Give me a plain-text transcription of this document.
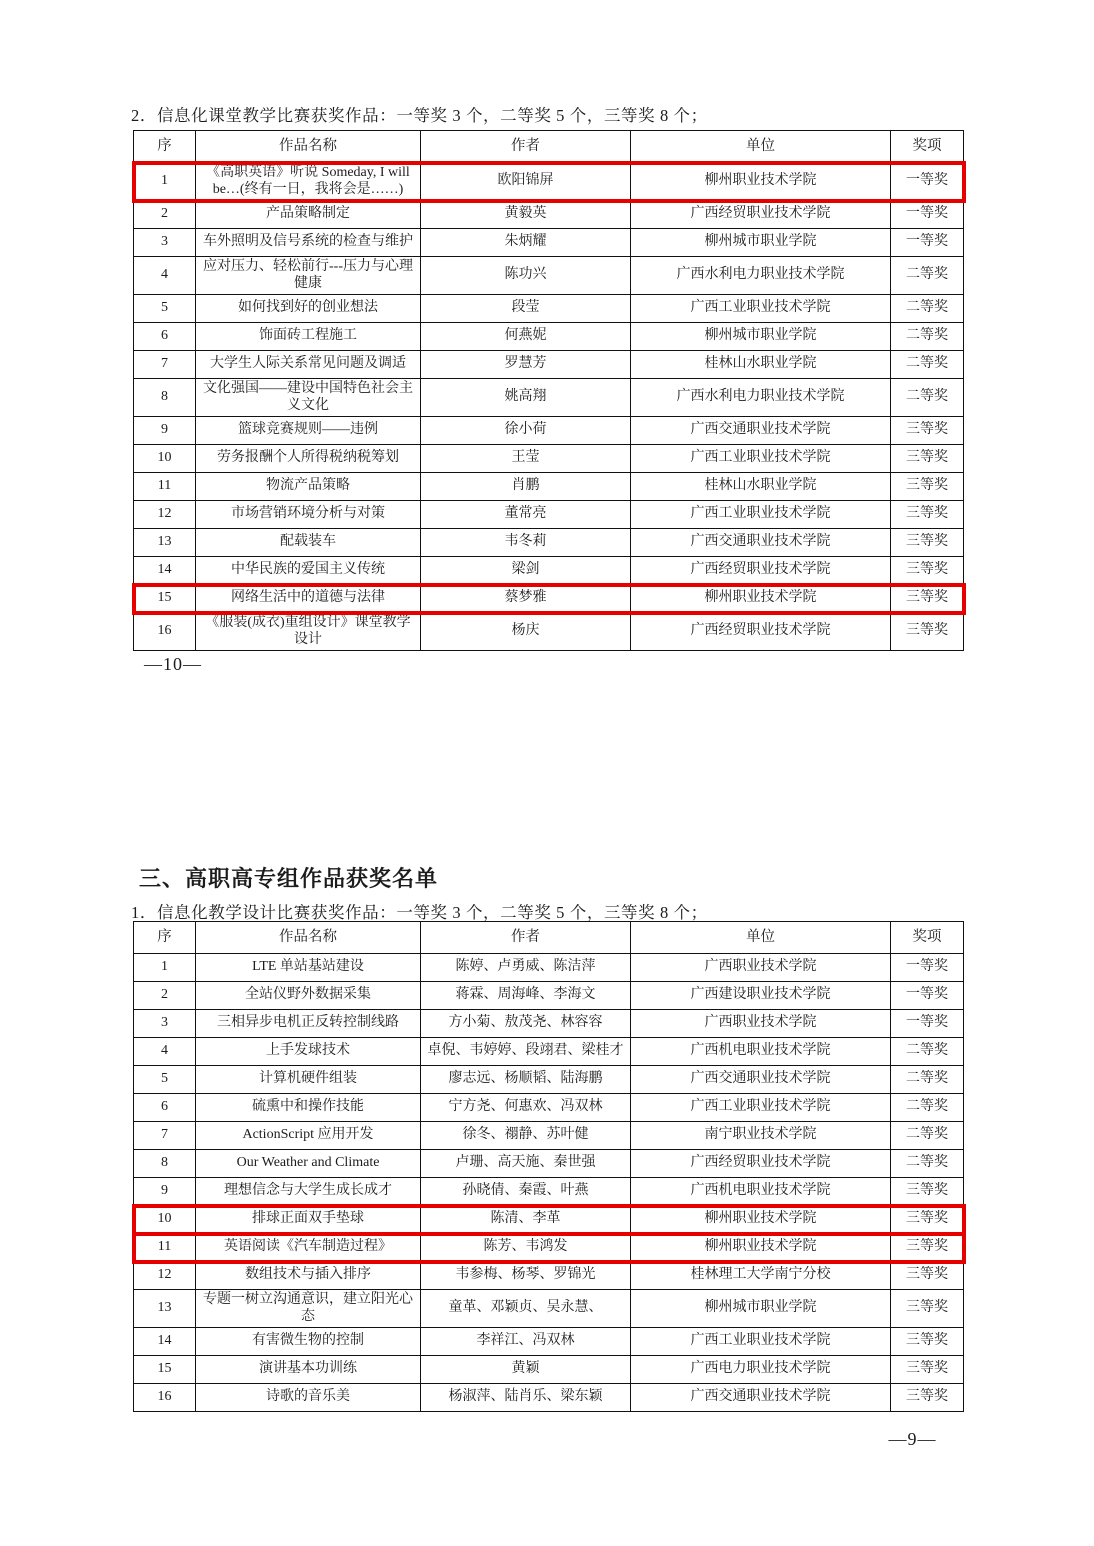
2．信息化课堂教学比赛获奖作品：一等奖 3 个，二等奖 5 个，三等奖 8 个；
序	作品名称	作者	单位	奖项
1	《高职英语》听说 Someday, I will be…(终有一日，我将会是……)	欧阳锦屏	柳州职业技术学院	一等奖
2	产品策略制定	黄毅英	广西经贸职业技术学院	一等奖
3	车外照明及信号系统的检查与维护	朱炳耀	柳州城市职业学院	一等奖
4	应对压力、轻松前行---压力与心理健康	陈功兴	广西水利电力职业技术学院	二等奖
5	如何找到好的创业想法	段莹	广西工业职业技术学院	二等奖
6	饰面砖工程施工	何燕妮	柳州城市职业学院	二等奖
7	大学生人际关系常见问题及调适	罗慧芳	桂林山水职业学院	二等奖
8	文化强国——建设中国特色社会主义文化	姚高翔	广西水利电力职业技术学院	二等奖
9	篮球竞赛规则——违例	徐小荷	广西交通职业技术学院	三等奖
10	劳务报酬个人所得税纳税筹划	王莹	广西工业职业技术学院	三等奖
11	物流产品策略	肖鹏	桂林山水职业学院	三等奖
12	市场营销环境分析与对策	董常亮	广西工业职业技术学院	三等奖
13	配载装车	韦冬莉	广西交通职业技术学院	三等奖
14	中华民族的爱国主义传统	梁剑	广西经贸职业技术学院	三等奖
15	网络生活中的道德与法律	蔡梦雅	柳州职业技术学院	三等奖
16	《服装(成衣)重组设计》课堂教学设计	杨庆	广西经贸职业技术学院	三等奖
—10—
三、高职高专组作品获奖名单
1．信息化教学设计比赛获奖作品：一等奖 3 个，二等奖 5 个，三等奖 8 个；
序	作品名称	作者	单位	奖项
1	LTE 单站基站建设	陈婷、卢勇威、陈洁萍	广西职业技术学院	一等奖
2	全站仪野外数据采集	蒋霖、周海峰、李海文	广西建设职业技术学院	一等奖
3	三相异步电机正反转控制线路	方小菊、敖茂尧、林容容	广西职业技术学院	一等奖
4	上手发球技术	卓倪、韦婷婷、段翊君、梁桂才	广西机电职业技术学院	二等奖
5	计算机硬件组装	廖志远、杨顺韬、陆海鹏	广西交通职业技术学院	二等奖
6	硫熏中和操作技能	宁方尧、何惠欢、冯双林	广西工业职业技术学院	二等奖
7	ActionScript 应用开发	徐冬、禤静、苏叶健	南宁职业技术学院	二等奖
8	Our Weather and Climate	卢珊、高天施、秦世强	广西经贸职业技术学院	二等奖
9	理想信念与大学生成长成才	孙晓倩、秦霞、叶燕	广西机电职业技术学院	三等奖
10	排球正面双手垫球	陈清、李革	柳州职业技术学院	三等奖
11	英语阅读《汽车制造过程》	陈芳、韦鸿发	柳州职业技术学院	三等奖
12	数组技术与插入排序	韦参梅、杨琴、罗锦光	桂林理工大学南宁分校	三等奖
13	专题一树立沟通意识，建立阳光心态	童革、邓颖贞、吴永慧、	柳州城市职业学院	三等奖
14	有害微生物的控制	李祥江、冯双林	广西工业职业技术学院	三等奖
15	演讲基本功训练	黄颖	广西电力职业技术学院	三等奖
16	诗歌的音乐美	杨淑萍、陆肖乐、梁东颖	广西交通职业技术学院	三等奖
—9—
